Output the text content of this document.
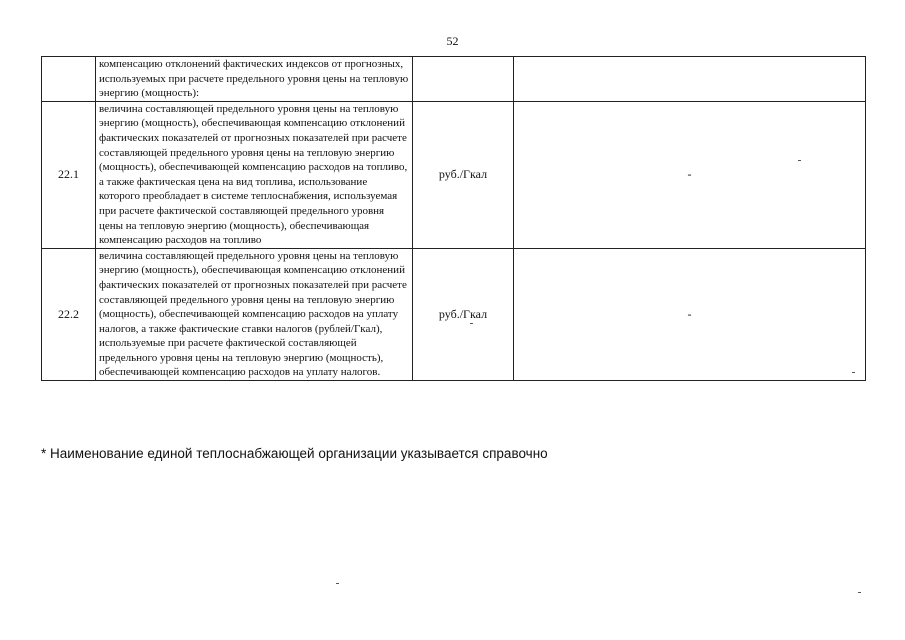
52
	компенсацию отклонений фактических индексов от прогнозных, используемых при расчете предельного уровня цены на тепловую энергию (мощность):		
22.1	величина составляющей предельного уровня цены на тепловую энергию (мощность), обеспечивающая компенсацию отклонений фактических показателей от прогнозных показателей при расчете составляющей предельного уровня цены на тепловую энергию (мощность), обеспечивающей компенсацию расходов на топливо, а также фактическая цена на вид топлива, использование которого преобладает в системе теплоснабжения, используемая при расчете фактической составляющей предельного уровня цены на тепловую энергию (мощность), обеспечивающая компенсацию расходов на топливо	руб./Гкал	-
22.2	величина составляющей предельного уровня цены на тепловую энергию (мощность), обеспечивающая компенсацию отклонений фактических показателей от прогнозных показателей при расчете составляющей предельного уровня цены на тепловую энергию (мощность), обеспечивающей компенсацию расходов на уплату налогов, а также фактические ставки налогов (рублей/Гкал), используемые при расчете фактической составляющей предельного уровня цены на тепловую энергию (мощность), обеспечивающей компенсацию расходов на уплату налогов.	руб./Гкал	-
* Наименование единой теплоснабжающей организации указывается справочно
